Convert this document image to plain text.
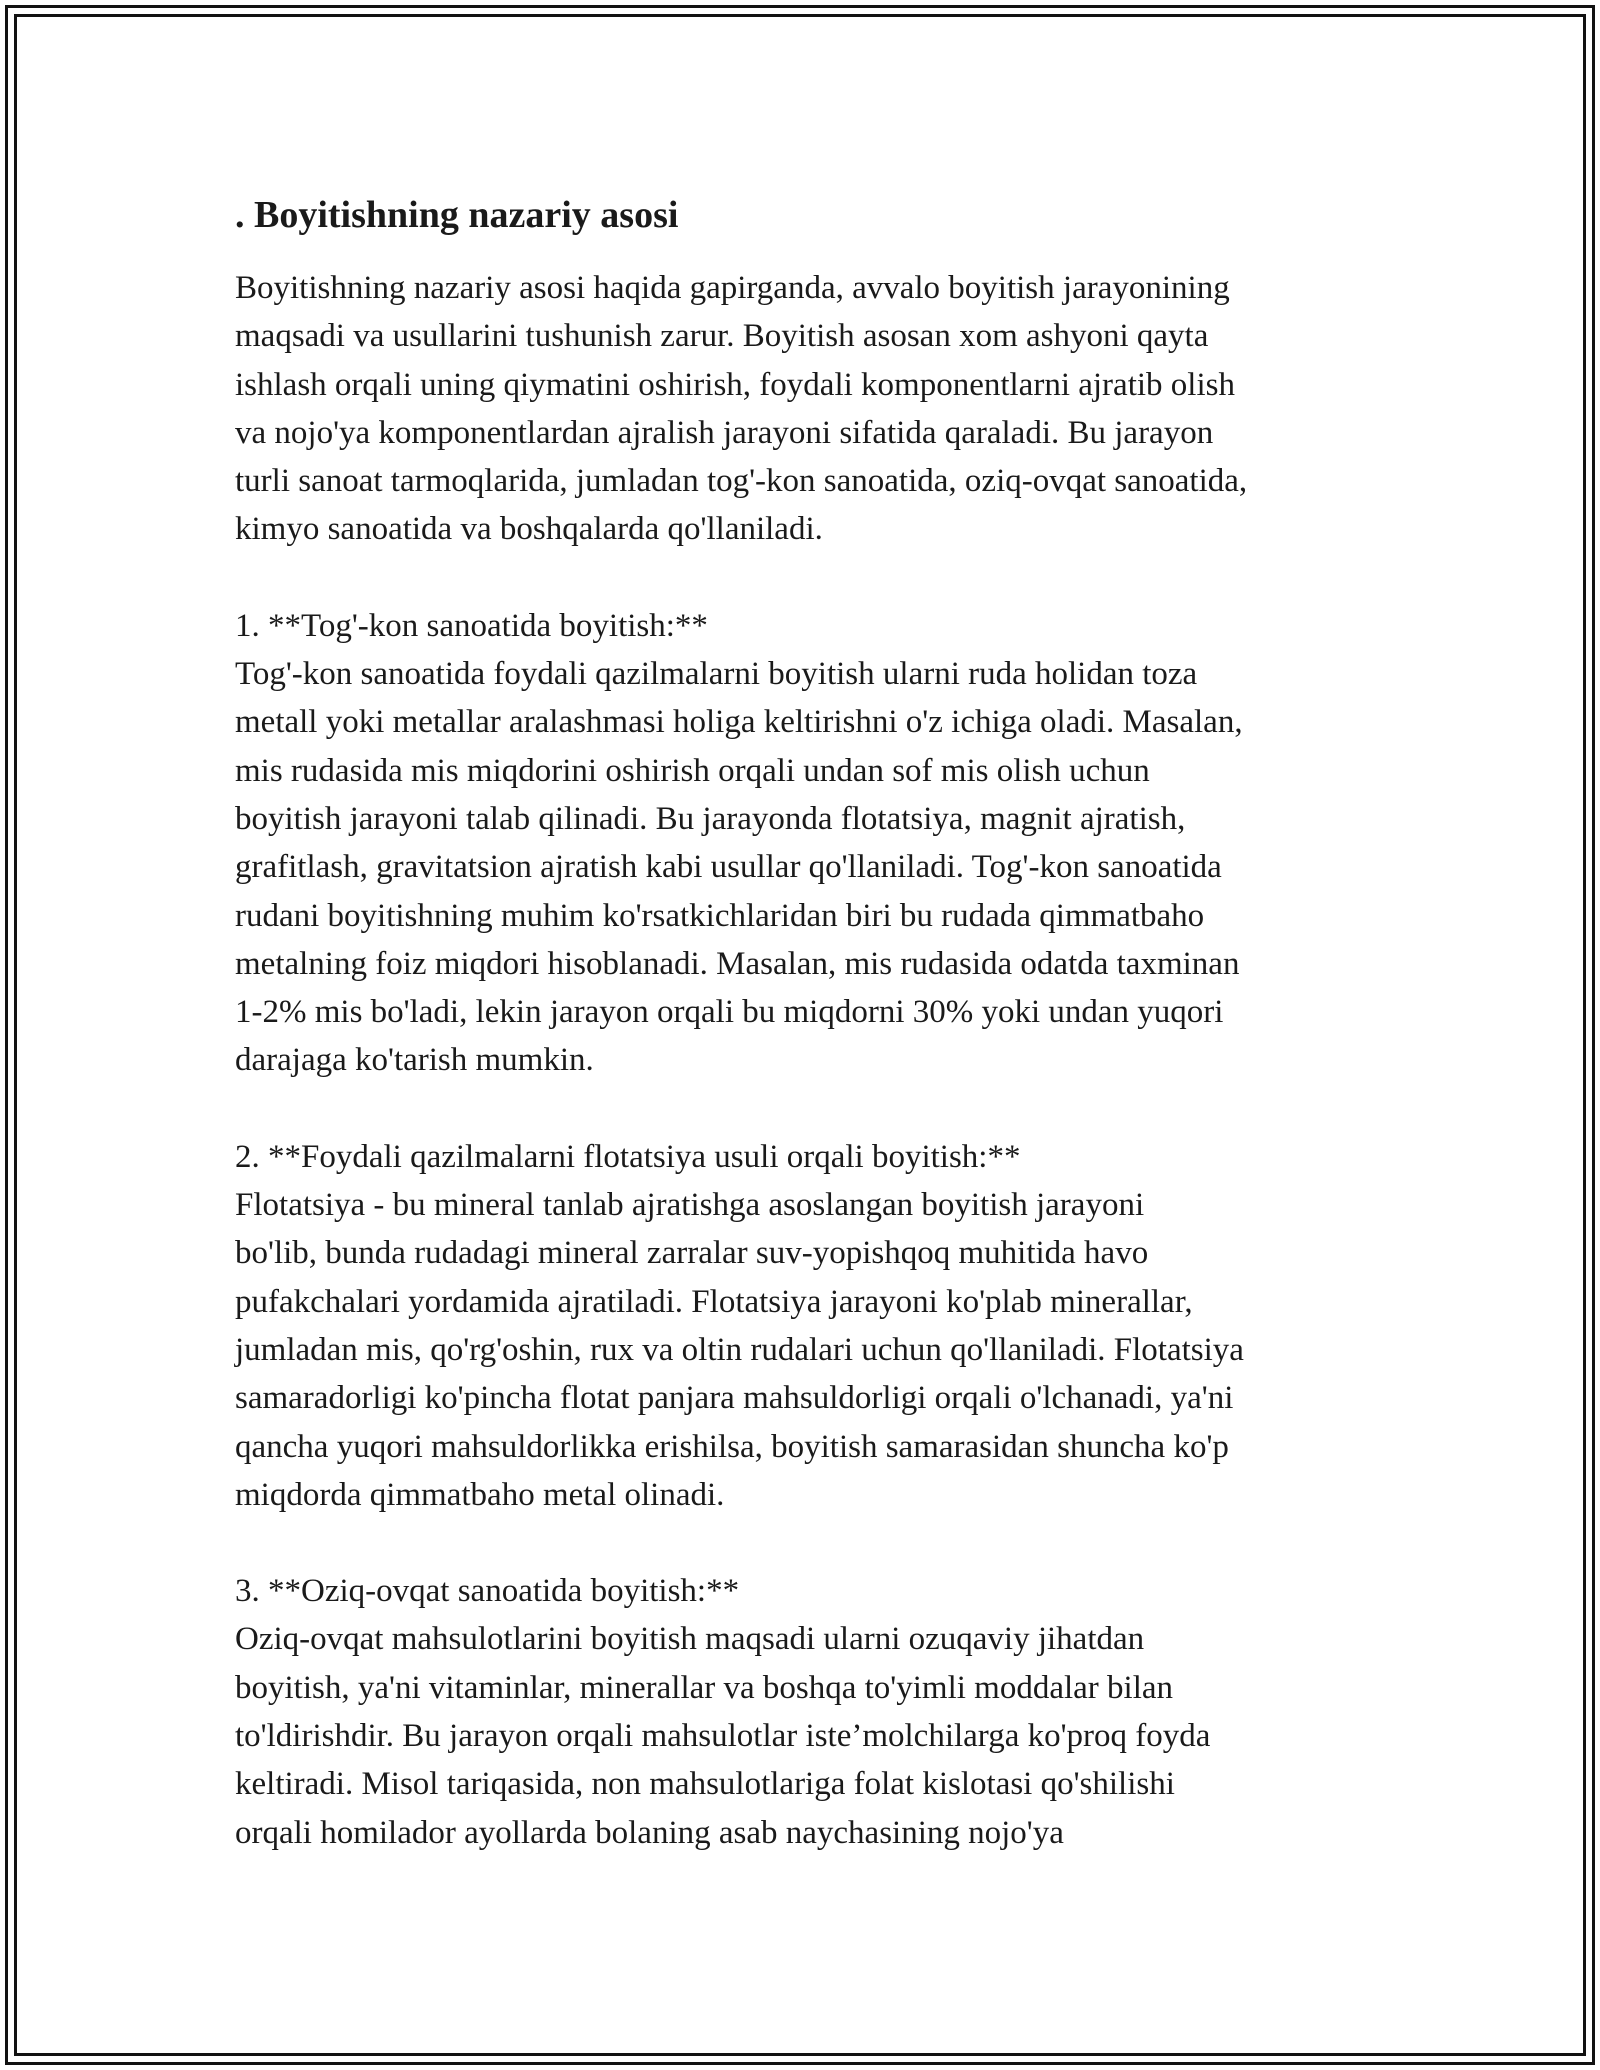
. Boyitishning nazariy asosi

Boyitishning nazariy asosi haqida gapirganda, avvalo boyitish jarayonining
maqsadi va usullarini tushunish zarur. Boyitish asosan xom ashyoni qayta
ishlash orqali uning qiymatini oshirish, foydali komponentlarni ajratib olish
va nojo'ya komponentlardan ajralish jarayoni sifatida qaraladi. Bu jarayon
turli sanoat tarmoqlarida, jumladan tog'-kon sanoatida, oziq-ovqat sanoatida,
kimyo sanoatida va boshqalarda qo'llaniladi.

1. **Tog'-kon sanoatida boyitish:**

Tog'-kon sanoatida foydali qazilmalarni boyitish ularni ruda holidan toza
metall yoki metallar aralashmasi holiga keltirishni o'z ichiga oladi. Masalan,
mis rudasida mis miqdorini oshirish orqali undan sof mis olish uchun
boyitish jarayoni talab qilinadi. Bu jarayonda flotatsiya, magnit ajratish,
grafitlash, gravitatsion ajratish kabi usullar qo'llaniladi. Tog'-kon sanoatida
rudani boyitishning muhim ko'rsatkichlaridan biri bu rudada qimmatbaho
metalning foiz miqdori hisoblanadi. Masalan, mis rudasida odatda taxminan
1-2% mis bo'ladi, lekin jarayon orqali bu miqdorni 30% yoki undan yuqori
darajaga ko'tarish mumkin.

2. **Foydali qazilmalarni flotatsiya usuli orqali boyitish:**

Flotatsiya - bu mineral tanlab ajratishga asoslangan boyitish jarayoni
bo'lib, bunda rudadagi mineral zarralar suv-yopishqoq muhitida havo
pufakchalari yordamida ajratiladi. Flotatsiya jarayoni ko'plab minerallar,
jumladan mis, qo'rg'oshin, rux va oltin rudalari uchun qo'llaniladi. Flotatsiya
samaradorligi ko'pincha flotat panjara mahsuldorligi orqali o'lchanadi, ya'ni
qancha yuqori mahsuldorlikka erishilsa, boyitish samarasidan shuncha ko'p
miqdorda qimmatbaho metal olinadi.

3. **Oziq-ovqat sanoatida boyitish:**

Oziq-ovqat mahsulotlarini boyitish maqsadi ularni ozuqaviy jihatdan
boyitish, ya'ni vitaminlar, minerallar va boshqa to'yimli moddalar bilan
to'ldirishdir. Bu jarayon orqali mahsulotlar iste’molchilarga ko'proq foyda
keltiradi. Misol tariqasida, non mahsulotlariga folat kislotasi qo'shilishi
orqali homilador ayollarda bolaning asab naychasining nojo'ya
